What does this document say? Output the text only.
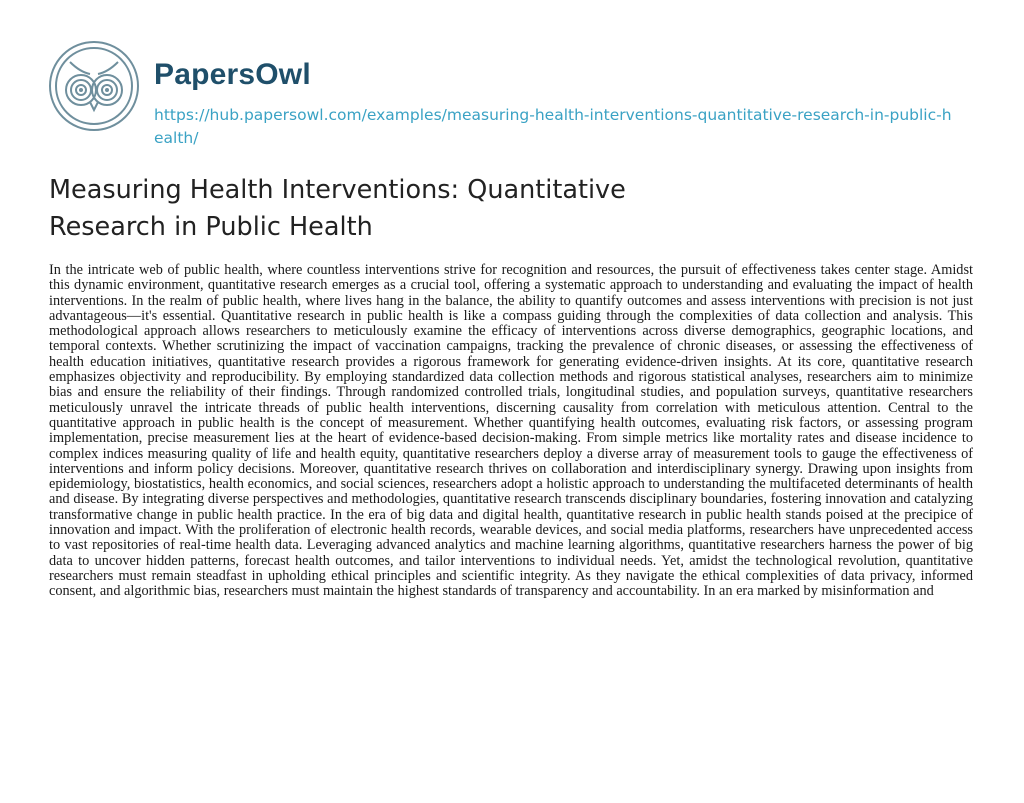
PapersOwl
https://hub.papersowl.com/examples/measuring-health-interventions-quantitative-research-in-public-health/
Measuring Health Interventions: Quantitative Research in Public Health

In the intricate web of public health, where countless interventions strive for recognition and resources, the pursuit of effectiveness takes center stage. Amidst this dynamic environment, quantitative research emerges as a crucial tool, offering a systematic approach to understanding and evaluating the impact of health interventions. In the realm of public health, where lives hang in the balance, the ability to quantify outcomes and assess interventions with precision is not just advantageous—it's essential. Quantitative research in public health is like a compass guiding through the complexities of data collection and analysis. This methodological approach allows researchers to meticulously examine the efficacy of interventions across diverse demographics, geographic locations, and temporal contexts. Whether scrutinizing the impact of vaccination campaigns, tracking the prevalence of chronic diseases, or assessing the effectiveness of health education initiatives, quantitative research provides a rigorous framework for generating evidence-driven insights. At its core, quantitative research emphasizes objectivity and reproducibility. By employing standardized data collection methods and rigorous statistical analyses, researchers aim to minimize bias and ensure the reliability of their findings. Through randomized controlled trials, longitudinal studies, and population surveys, quantitative researchers meticulously unravel the intricate threads of public health interventions, discerning causality from correlation with meticulous attention. Central to the quantitative approach in public health is the concept of measurement. Whether quantifying health outcomes, evaluating risk factors, or assessing program implementation, precise measurement lies at the heart of evidence-based decision-making. From simple metrics like mortality rates and disease incidence to complex indices measuring quality of life and health equity, quantitative researchers deploy a diverse array of measurement tools to gauge the effectiveness of interventions and inform policy decisions. Moreover, quantitative research thrives on collaboration and interdisciplinary synergy. Drawing upon insights from epidemiology, biostatistics, health economics, and social sciences, researchers adopt a holistic approach to understanding the multifaceted determinants of health and disease. By integrating diverse perspectives and methodologies, quantitative research transcends disciplinary boundaries, fostering innovation and catalyzing transformative change in public health practice. In the era of big data and digital health, quantitative research in public health stands poised at the precipice of innovation and impact. With the proliferation of electronic health records, wearable devices, and social media platforms, researchers have unprecedented access to vast repositories of real-time health data. Leveraging advanced analytics and machine learning algorithms, quantitative researchers harness the power of big data to uncover hidden patterns, forecast health outcomes, and tailor interventions to individual needs. Yet, amidst the technological revolution, quantitative researchers must remain steadfast in upholding ethical principles and scientific integrity. As they navigate the ethical complexities of data privacy, informed consent, and algorithmic bias, researchers must maintain the highest standards of transparency and accountability. In an era marked by misinformation and
